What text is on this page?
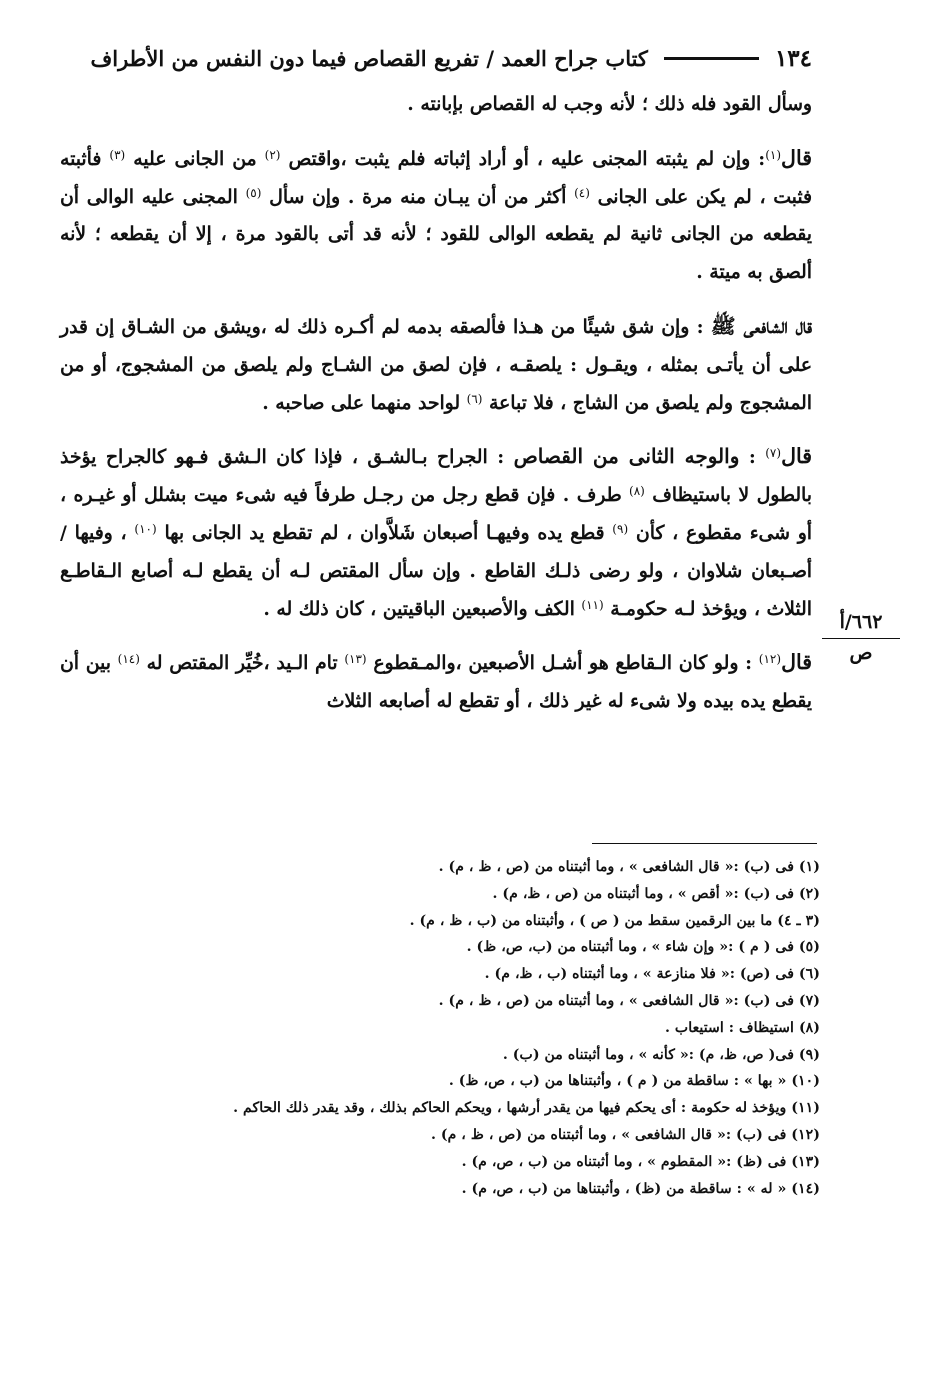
١٣٤
كتاب جراح العمد / تفريع القصاص فيما دون النفس من الأطراف

وسأل القود فله ذلك ؛ لأنه وجب له القصاص بإبانته .

قال$^{(١)}$: وإن لم يثبته المجنى عليه ، أو أراد إثباته فلم يثبت ،واقتص $^{(٢)}$ من الجانى عليه $^{(٣)}$ فأثبته فثبت ، لم يكن على الجانى $^{(٤)}$ أكثر من أن يبـان منه مرة . وإن سأل $^{(٥)}$ المجنى عليه الوالى أن يقطعه من الجانى ثانية لم يقطعه الوالى للقود ؛ لأنه قد أتى بالقود مرة ، إلا أن يقطعه ؛ لأنه ألصق به ميتة .

قال الشافعى ﷺ : وإن شق شيئًا من هـذا فألصقه بدمه لم أكـره ذلك له ،ويشق من الشـاق إن قدر على أن يأتـى بمثله ، ويقـول : يلصقـه ، فإن لصق من الشـاج ولم يلصق من المشجوج، أو من المشجوج ولم يلصق من الشاج ، فلا تباعة $^{(٦)}$ لواحد منهما على صاحبه .

قال$^{(٧)}$ : والوجه الثانى من القصاص : الجراح بـالشـق ، فإذا كان الـشق فـهو كالجراح يؤخذ بالطول لا باستيظاف $^{(٨)}$ طرف . فإن قطع رجل من رجـل طرفاً فيه شىء ميت بشلل أو غيـره ، أو شىء مقطوع ، كأن $^{(٩)}$ قطع يده وفيهـا أصبعان شَلاَّوان ، لم تقطع يد الجانى بها $^{(١٠)}$ ، وفيها / أصـبعان شلاوان ، ولو رضى ذلـك القاطع . وإن سأل المقتص لـه أن يقطع لـه أصابع الـقاطـع الثلاث ، ويؤخذ لـه حكومـة $^{(١١)}$ الكف والأصبعين الباقيتين ، كان ذلك له .

قال$^{(١٢)}$ : ولو كان الـقاطع هو أشـل الأصبعين ،والمـقطوع $^{(١٣)}$ تام الـيد ،خُيِّر المقتص له $^{(١٤)}$ بين أن يقطع يده بيده ولا شىء له غير ذلك ، أو تقطع له أصابعه الثلاث

٦٦٢/أ
ص
(١) فى (ب) :« قال الشافعى » ، وما أثبتناه من (ص ، ظ ، م) .
(٢) فى (ب) :« أقص » ، وما أثبتناه من (ص ، ظ، م) .
(٣ ـ ٤) ما بين الرقمين سقط من ( ص ) ، وأثبتناه من (ب ، ظ ، م) .
(٥) فى ( م ) :« وإن شاء » ، وما أثبتناه من (ب، ص، ظ) .
(٦) فى (ص) :« فلا منازعة » ، وما أثبتناه (ب ، ظ، م) .
(٧) فى (ب) :« قال الشافعى » ، وما أثبتناه من (ص ، ظ ، م) .
(٨) استيظاف : استيعاب .
(٩) فى( ص، ظ، م) :« كأنه » ، وما أثبتناه من (ب) .
(١٠) « بها » : ساقطة من ( م ) ، وأثبتناها من (ب ، ص، ظ) .
(١١) ويؤخذ له حكومة : أى يحكم فيها من يقدر أرشها ، ويحكم الحاكم بذلك ، وقد يقدر ذلك الحاكم .
(١٢) فى (ب) :« قال الشافعى » ، وما أثبتناه من (ص ، ظ ، م) .
(١٣) فى (ظ) :« المقطوم » ، وما أثبتناه من (ب ، ص، م) .
(١٤) « له » : ساقطة من (ظ) ، وأثبتناها من (ب ، ص، م) .
